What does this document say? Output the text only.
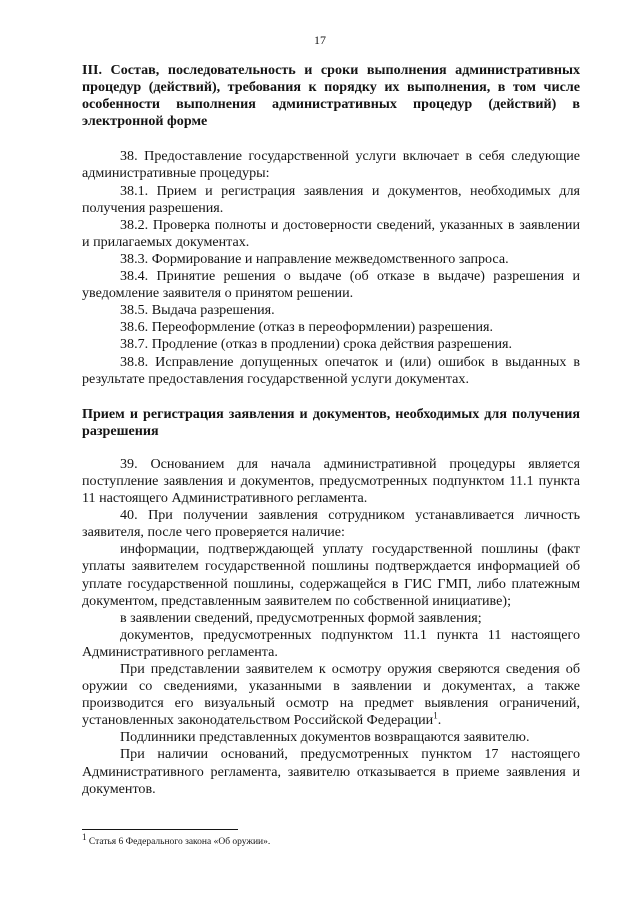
17

III. Состав, последовательность и сроки выполнения административных процедур (действий), требования к порядку их выполнения, в том числе особенности выполнения административных процедур (действий) в электронной форме

38. Предоставление государственной услуги включает в себя следующие административные процедуры:

38.1. Прием и регистрация заявления и документов, необходимых для получения разрешения.

38.2. Проверка полноты и достоверности сведений, указанных в заявлении и прилагаемых документах.

38.3. Формирование и направление межведомственного запроса.

38.4. Принятие решения о выдаче (об отказе в выдаче) разрешения и уведомление заявителя о принятом решении.

38.5. Выдача разрешения.

38.6. Переоформление (отказ в переоформлении) разрешения.

38.7. Продление (отказ в продлении) срока действия разрешения.

38.8. Исправление допущенных опечаток и (или) ошибок в выданных в результате предоставления государственной услуги документах.

Прием и регистрация заявления и документов, необходимых для получения разрешения

39. Основанием для начала административной процедуры является поступление заявления и документов, предусмотренных подпунктом 11.1 пункта 11 настоящего Административного регламента.

40. При получении заявления сотрудником устанавливается личность заявителя, после чего проверяется наличие:

информации, подтверждающей уплату государственной пошлины (факт уплаты заявителем государственной пошлины подтверждается информацией об уплате государственной пошлины, содержащейся в ГИС ГМП, либо платежным документом, представленным заявителем по собственной инициативе);

в заявлении сведений, предусмотренных формой заявления;

документов, предусмотренных подпунктом 11.1 пункта 11 настоящего Административного регламента.

При представлении заявителем к осмотру оружия сверяются сведения об оружии со сведениями, указанными в заявлении и документах, а также производится его визуальный осмотр на предмет выявления ограничений, установленных законодательством Российской Федерации$^1$.

Подлинники представленных документов возвращаются заявителю.

При наличии оснований, предусмотренных пунктом 17 настоящего Административного регламента, заявителю отказывается в приеме заявления и документов.

$^1$ Статья 6 Федерального закона «Об оружии».
